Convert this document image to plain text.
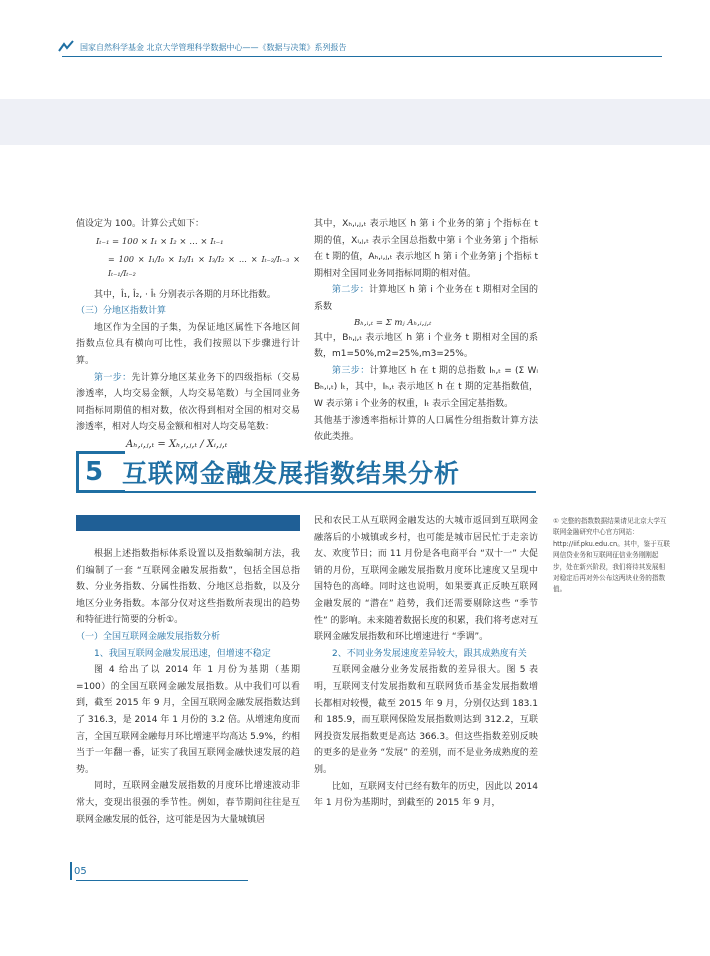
国家自然科学基金 北京大学管理科学数据中心——《数据与决策》系列报告

值设定为 100。计算公式如下：

Iₜ₋₁ = 100 × I₁ × I₂ × … × Iₜ₋₁
= 100 × I₁/I₀ × I₂/I₁ × I₃/I₂ × … × Iₜ₋₂/Iₜ₋₃ × Iₜ₋₁/Iₜ₋₂

其中，Î₁, Î₂, · Îₜ 分别表示各期的月环比指数。

（三）分地区指数计算

地区作为全国的子集，为保证地区属性下各地区间指数点位具有横向可比性，我们按照以下步骤进行计算。

第一步：先计算分地区某业务下的四级指标（交易渗透率，人均交易金额，人均交易笔数）与全国同业务同指标同期值的相对数，依次得到相对全国的相对交易渗透率，相对人均交易金额和相对人均交易笔数：

Aₕ,ᵢ,ⱼ,ₜ = Xₕ,ᵢ,ⱼ,ₜ / Xᵢ,ⱼ,ₜ

其中，Xₕ,ᵢ,ⱼ,ₜ 表示地区 h 第 i 个业务的第 j 个指标在 t 期的值，Xᵢ,ⱼ,ₜ 表示全国总指数中第 i 个业务第 j 个指标在 t 期的值，Aₕ,ᵢ,ⱼ,ₜ 表示地区 h 第 i 个业务第 j 个指标 t 期相对全国同业务同指标同期的相对值。

第二步：计算地区 h 第 i 个业务在 t 期相对全国的系数

Bₕ,ᵢ,ₜ = Σ mⱼ Aₕ,ᵢ,ⱼ,ₜ

其中，Bₕ,ⱼ,ₜ 表示地区 h 第 i 个业务 t 期相对全国的系数，m1=50%,m2=25%,m3=25%。

第三步：计算地区 h 在 t 期的总指数 Iₕ,ₜ = (Σ Wᵢ Bₕ,ᵢ,ₜ) Iₜ，其中，Iₕ,ₜ 表示地区 h 在 t 期的定基指数值，W 表示第 i 个业务的权重，Iₜ 表示全国定基指数。

其他基于渗透率指标计算的人口属性分组指数计算方法依此类推。

5 互联网金融发展指数结果分析

根据上述指数指标体系设置以及指数编制方法，我们编制了一套 “互联网金融发展指数”，包括全国总指数、分业务指数、分属性指数、分地区总指数，以及分地区分业务指数。本部分仅对这些指数所表现出的趋势和特征进行简要的分析①。

（一）全国互联网金融发展指数分析

1、我国互联网金融发展迅速，但增速不稳定

图 4 给出了以 2014 年 1 月份为基期（基期=100）的全国互联网金融发展指数。从中我们可以看到，截至 2015 年 9 月，全国互联网金融发展指数达到了 316.3，是 2014 年 1 月份的 3.2 倍。从增速角度而言，全国互联网金融每月环比增速平均高达 5.9%，约相当于一年翻一番，证实了我国互联网金融快速发展的趋势。

同时，互联网金融发展指数的月度环比增速波动非常大，变现出很强的季节性。例如，春节期间往往是互联网金融发展的低谷，这可能是因为大量城镇居

民和农民工从互联网金融发达的大城市返回到互联网金融落后的小城镇或乡村，也可能是城市居民忙于走亲访友、欢度节日；而 11 月份是各电商平台 “双十一” 大促销的月份，互联网金融发展指数月度环比速度又呈现中国特色的高峰。同时这也说明，如果要真正反映互联网金融发展的 “潜在” 趋势，我们还需要剔除这些 “季节性” 的影响。未来随着数据长度的积累，我们将考虑对互联网金融发展指数和环比增速进行 “季调”。

2、不同业务发展速度差异较大，跟其成熟度有关

互联网金融分业务发展指数的差异很大。图 5 表明，互联网支付发展指数和互联网货币基金发展指数增长都相对较慢，截至 2015 年 9 月，分别仅达到 183.1 和 185.9，而互联网保险发展指数则达到 312.2，互联网投资发展指数更是高达 366.3。但这些指数差别反映的更多的是业务 “发展” 的差别，而不是业务成熟度的差别。

比如，互联网支付已经有数年的历史，因此以 2014 年 1 月份为基期时，到截至的 2015 年 9 月，

① 完整的指数数据结果请见北京大学互联网金融研究中心官方网站：http://iif.pku.edu.cn。其中，鉴于互联网信贷业务和互联网征信业务刚刚起步，处在新兴阶段，我们将待其发展相对稳定后再对外公布这两块业务的指数值。
05
